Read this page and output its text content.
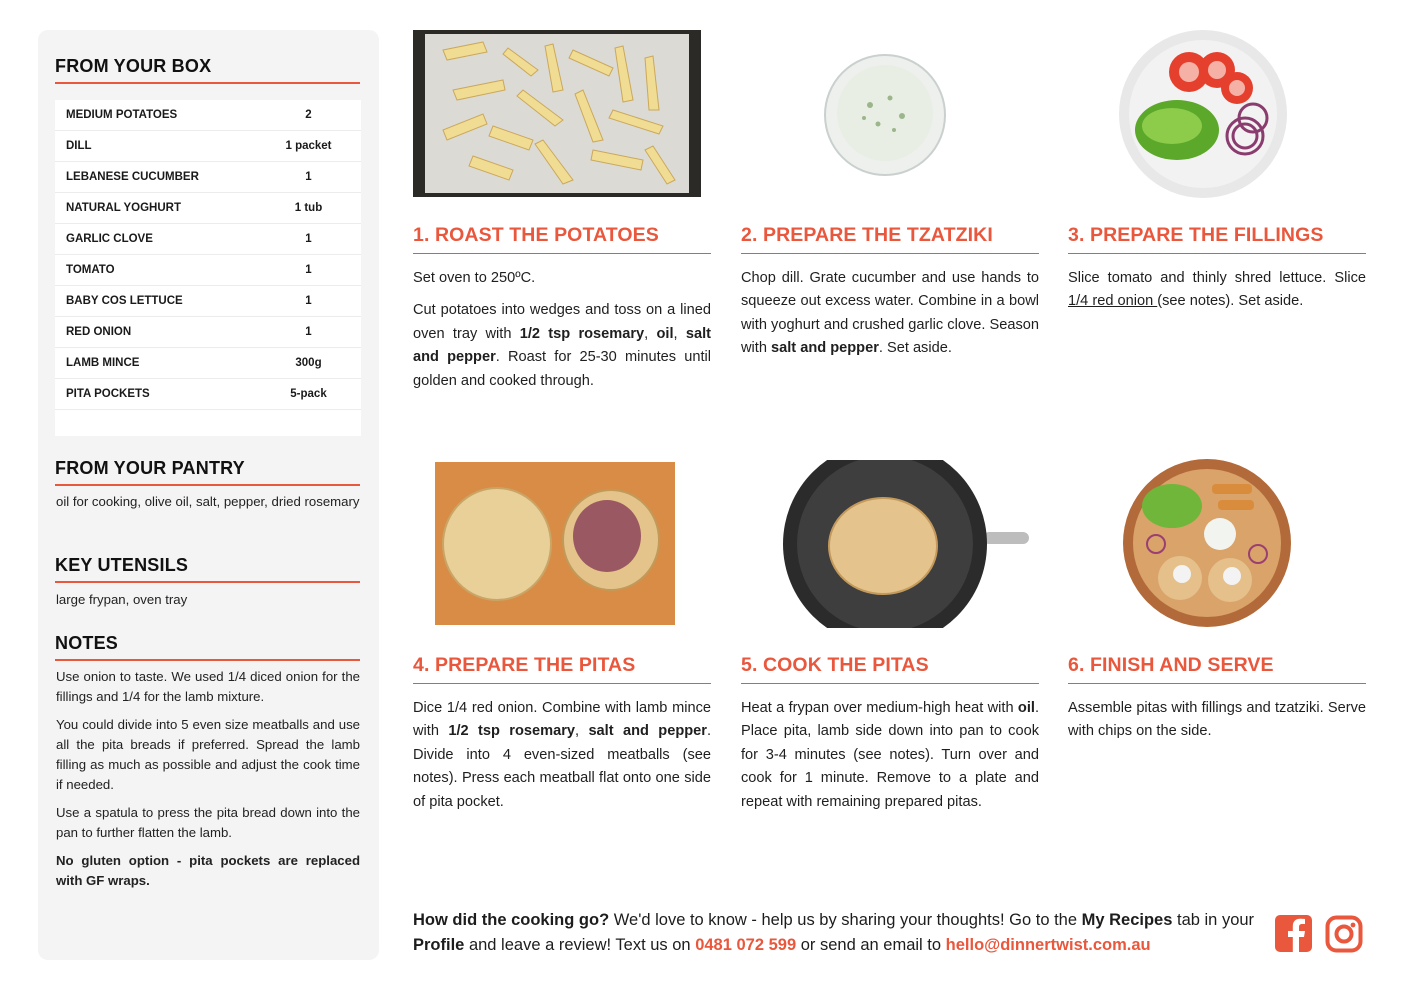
FROM YOUR BOX
MEDIUM POTATOES	2
DILL	1 packet
LEBANESE CUCUMBER	1
NATURAL YOGHURT	1 tub
GARLIC CLOVE	1
TOMATO	1
BABY COS LETTUCE	1
RED ONION	1
LAMB MINCE	300g
PITA POCKETS	5-pack
FROM YOUR PANTRY
oil for cooking, olive oil, salt, pepper, dried rosemary
KEY UTENSILS
large frypan, oven tray
NOTES

Use onion to taste. We used 1/4 diced onion for the fillings and 1/4 for the lamb mixture.

You could divide into 5 even size meatballs and use all the pita breads if preferred. Spread the lamb filling as much as possible and adjust the cook time if needed.

Use a spatula to press the pita bread down into the pan to further flatten the lamb.

No gluten option - pita pockets are replaced with GF wraps.

1. ROAST THE POTATOES

Set oven to 250ºC.

Cut potatoes into wedges and toss on a lined oven tray with 1/2 tsp rosemary, oil, salt and pepper. Roast for 25-30 minutes until golden and cooked through.

2. PREPARE THE TZATZIKI

Chop dill. Grate cucumber and use hands to squeeze out excess water. Combine in a bowl with yoghurt and crushed garlic clove. Season with salt and pepper. Set aside.

3. PREPARE THE FILLINGS

Slice tomato and thinly shred lettuce. Slice 1/4 red onion (see notes). Set aside.

4. PREPARE THE PITAS

Dice 1/4 red onion. Combine with lamb mince with 1/2 tsp rosemary, salt and pepper. Divide into 4 even-sized meatballs (see notes). Press each meatball flat onto one side of pita pocket.

5. COOK THE PITAS

Heat a frypan over medium-high heat with oil. Place pita, lamb side down into pan to cook for 3-4 minutes (see notes). Turn over and cook for 1 minute. Remove to a plate and repeat with remaining prepared pitas.

6. FINISH AND SERVE

Assemble pitas with fillings and tzatziki. Serve with chips on the side.

How did the cooking go? We'd love to know - help us by sharing your thoughts! Go to the My Recipes tab in your Profile and leave a review! Text us on 0481 072 599 or send an email to hello@dinnertwist.com.au
